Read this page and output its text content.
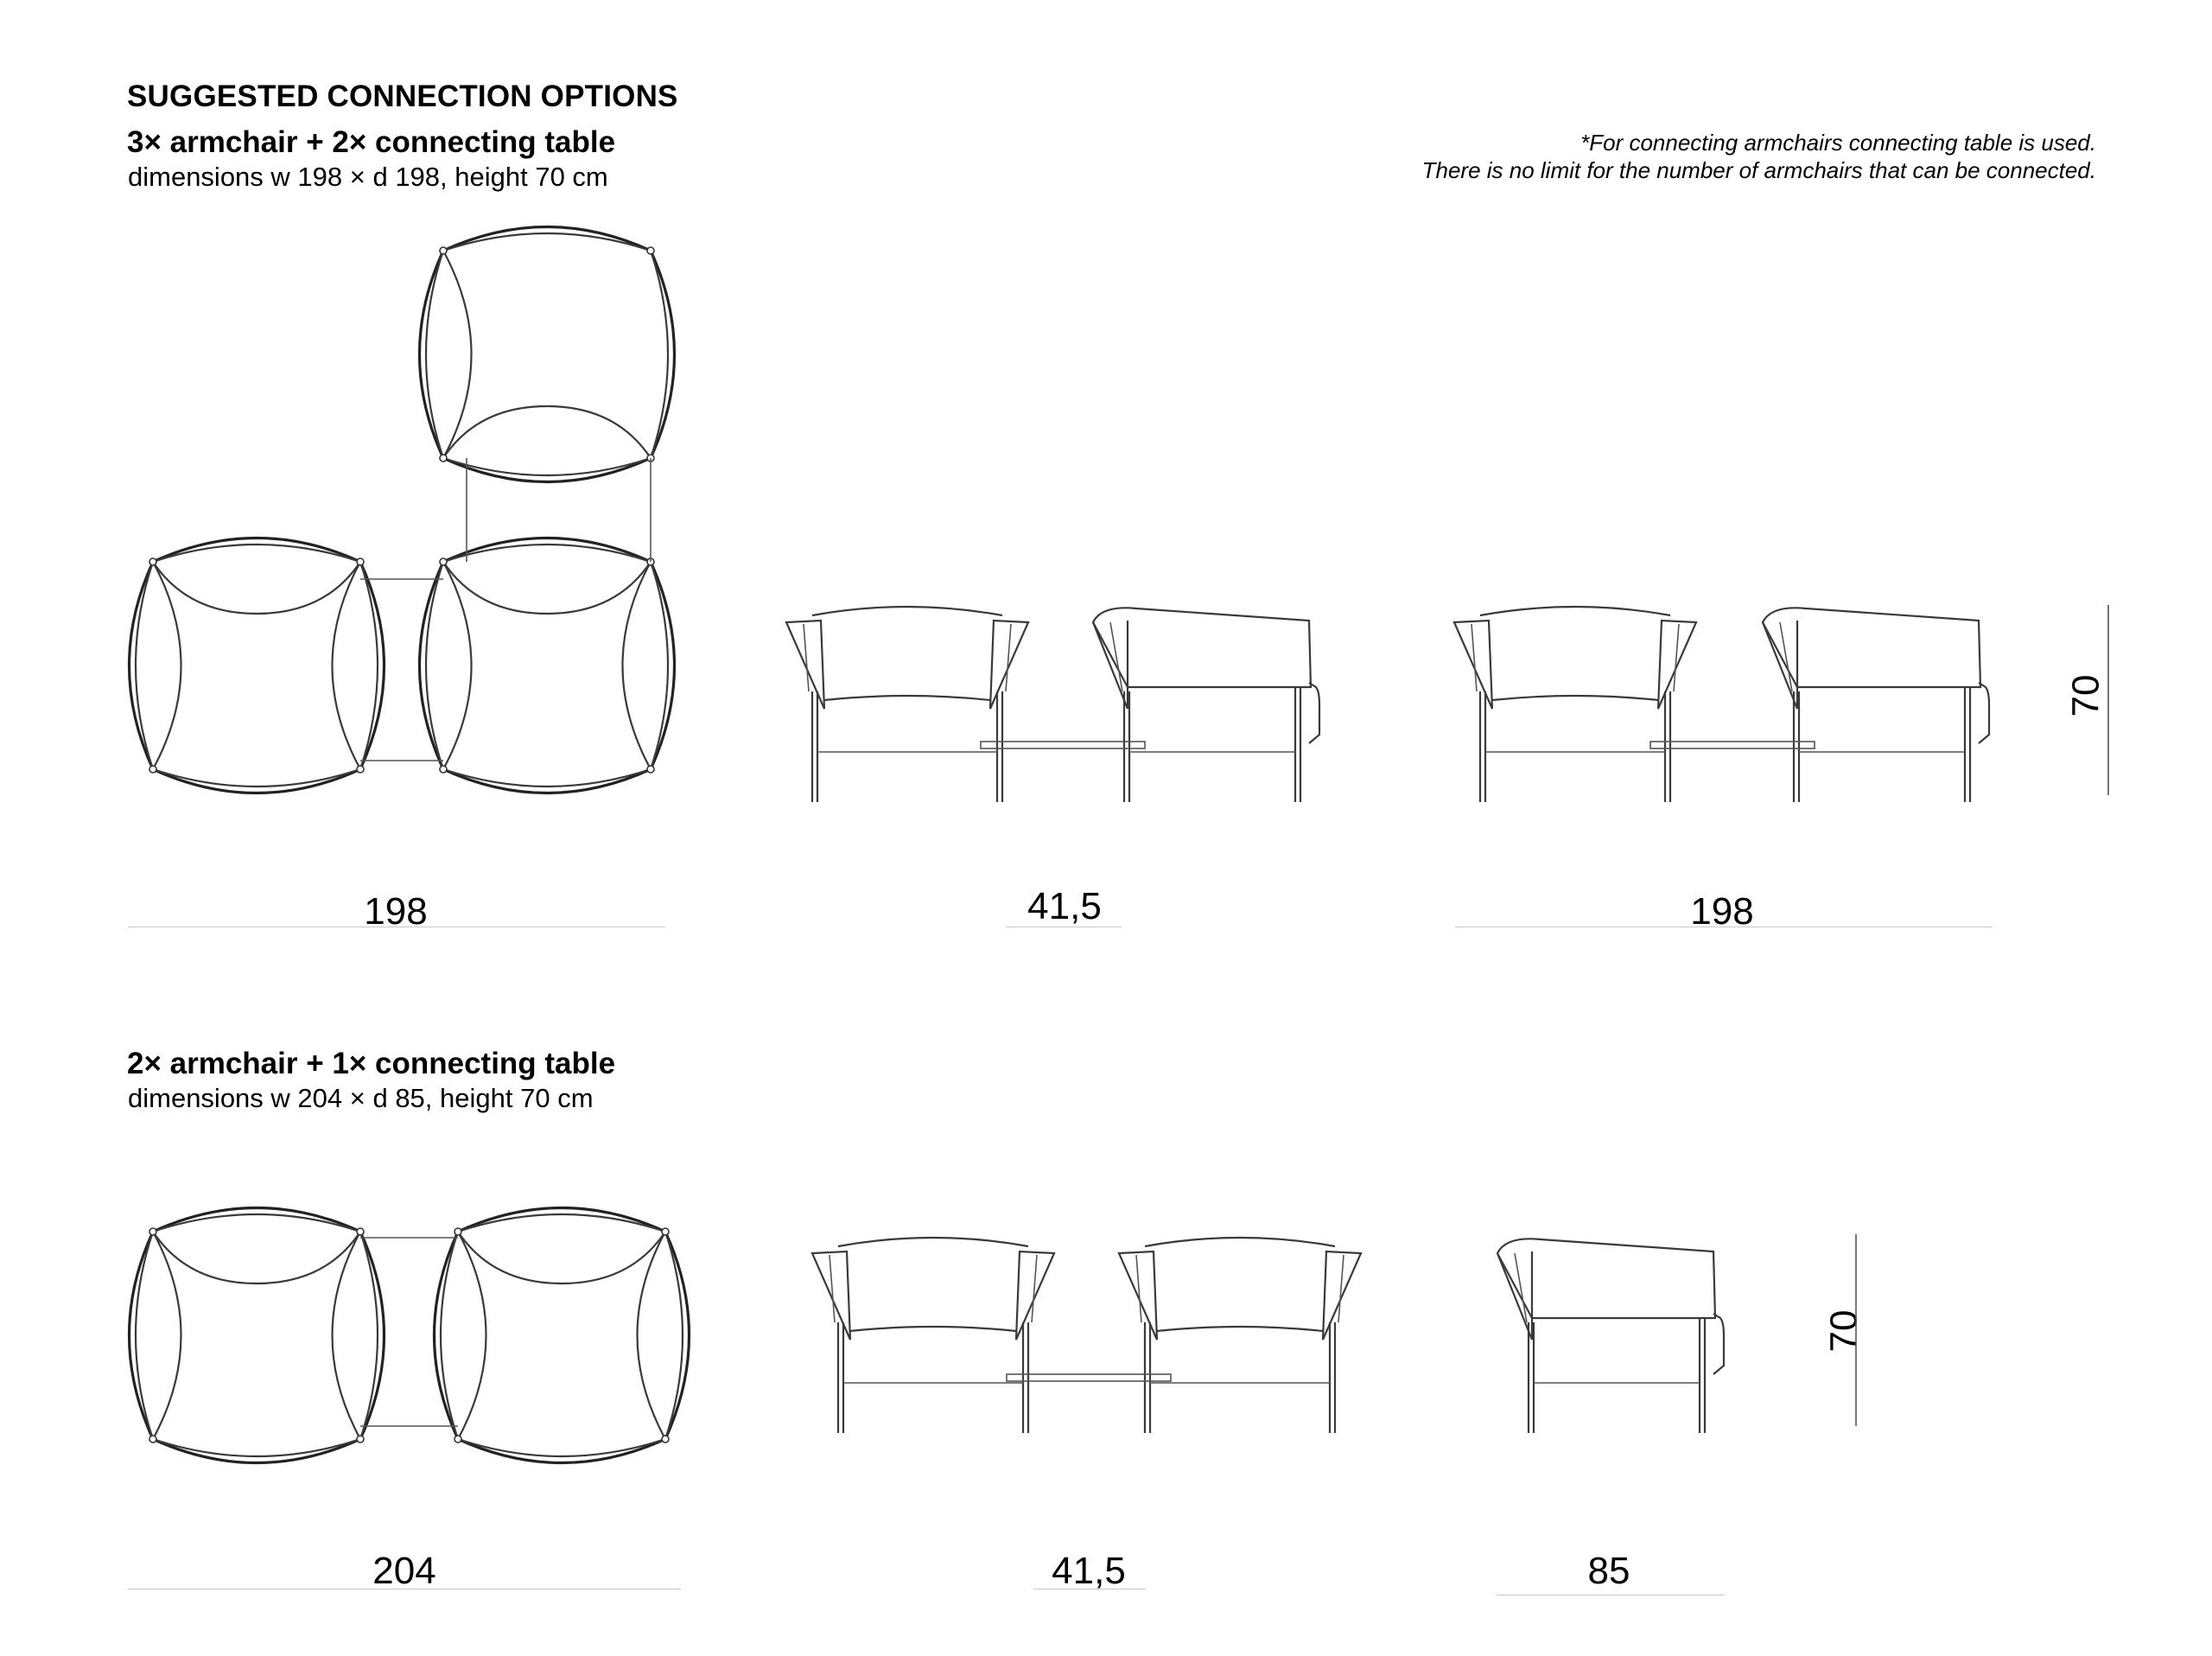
SUGGESTED CONNECTION OPTIONS
3× armchair + 2× connecting table
dimensions w 198 × d 198, height 70 cm
*For connecting armchairs connecting table is used.
There is no limit for the number of armchairs that can be connected.
2× armchair + 1× connecting table
dimensions w 204 × d 85, height 70 cm
198	41,5	198
70
204	41,5	85
70
